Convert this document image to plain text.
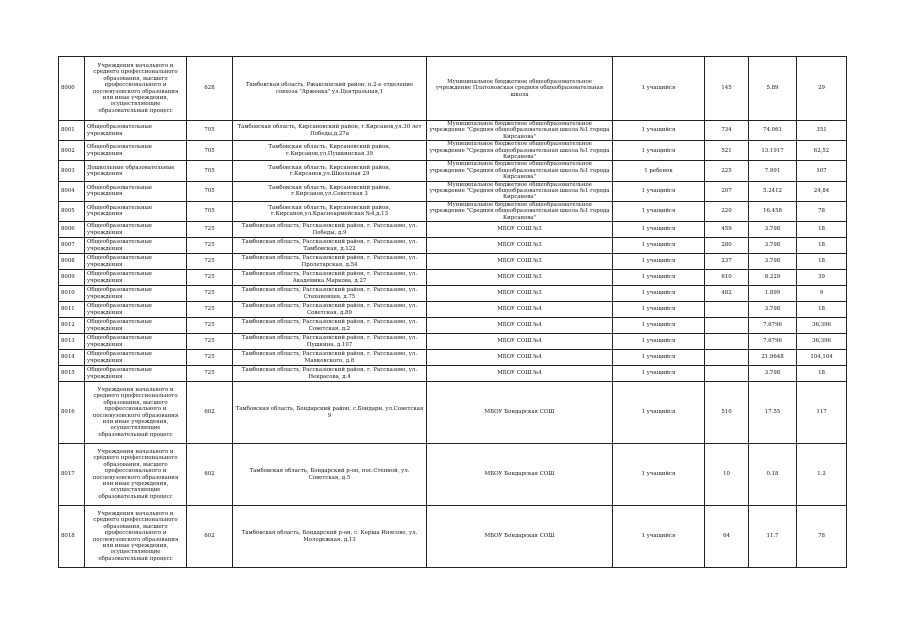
8000	Учреждения начального и среднего профессионального образования, высшего профессионального и послевузовского образования или иные учреждения, осуществляющие образовательный процесс	628	Тамбовская область, Ржаксинский район, п.2-е отделение совхоза "Арженка" ул.Центральная,1	Муниципальное бюджетное общеобразовательное учреждение Платоновская средняя общеобразовательная школа	1 учащийся	145	5.89	29
8001	Общеобразовательные учреждения	705	Тамбовская область, Кирсановский район, г.Кирсанов,ул.30 лет Победы,д.27а	Муниципальное бюджетное общеобразовательное учреждение "Средняя общеобразовательная школа №1 города Кирсанова"	1 учащийся	734	74.061	351
8002	Общеобразовательные учреждения	705	Тамбовская область, Кирсановский район, г.Кирсанов,ул.Пушкинская 39	Муниципальное бюджетное общеобразовательное учреждение "Средняя общеобразовательная школа №1 города Кирсанова"	1 учащийся	521	13.1917	62,52
8003	Дошкольные образовательные учреждения	705	Тамбовская область, Кирсановский район, г.Кирсанов,ул.Школьная 29	Муниципальное бюджетное общеобразовательное учреждение "Средняя общеобразовательная школа №1 города Кирсанова"	1 ребенок	225	7.991	107
8004	Общеобразовательные учреждения	705	Тамбовская область, Кирсановский район, г.Кирсанов,ул.Советская 3	Муниципальное бюджетное общеобразовательное учреждение "Средняя общеобразовательная школа №1 города Кирсанова"	1 учащийся	207	5.2412	24,84
8005	Общеобразовательные учреждения	705	Тамбовская область, Кирсановский район, г.Кирсанов,ул.Красноармейская №4,д.13	Муниципальное бюджетное общеобразовательное учреждение "Средняя общеобразовательная школа №1 города Кирсанова"	1 учащийся	220	16.458	78
8006	Общеобразовательные учреждения	725	Тамбовская область, Рассказовский район, г. Рассказово, ул. Победы, д.9	МБОУ СОШ №3	1 учащийся	459	3.798	18
8007	Общеобразовательные учреждения	725	Тамбовская область, Рассказовский район, г. Рассказово, ул. Тамбовская, д.122	МБОУ СОШ №3	1 учащийся	280	3.798	18
8008	Общеобразовательные учреждения	725	Тамбовская область, Рассказовский район, г. Рассказово, ул. Пролетарская, д.54	МБОУ СОШ №3	1 учащийся	237	3.798	18
8009	Общеобразовательные учреждения	725	Тамбовская область, Рассказовский район, г. Рассказово, ул. Академика Маркова, д.27	МБОУ СОШ №3	1 учащийся	610	8.229	39
8010	Общеобразовательные учреждения	725	Тамбовская область, Рассказовский район, г. Рассказово, ул. Стахановцев, д.75	МБОУ СОШ №3	1 учащийся	482	1.899	9
8011	Общеобразовательные учреждения	725	Тамбовская область, Рассказовский район, г. Рассказово, ул. Советская, д.89	МБОУ СОШ №4	1 учащийся		3.798	18
8012	Общеобразовательные учреждения	725	Тамбовская область, Рассказовский район, г. Рассказово, ул. Советская, д.2	МБОУ СОШ №4	1 учащийся		7.6796	36,396
8013	Общеобразовательные учреждения	725	Тамбовская область, Рассказовский район, г. Рассказово, ул. Пушкина, д.107	МБОУ СОШ №4	1 учащийся		7.6796	36,396
8014	Общеобразовательные учреждения	725	Тамбовская область, Рассказовский район, г. Рассказово, ул. Маяковского, д.8	МБОУ СОШ №4	1 учащийся		21.9648	104,104
8015	Общеобразовательные учреждения	725	Тамбовская область, Рассказовский район, г. Рассказово, ул. Некрасова, д.4	МБОУ СОШ №4	1 учащийся		3.798	18
8016	Учреждения начального и среднего профессионального образования, высшего профессионального и послевузовского образования или иные учреждения, осуществляющие образовательный процесс	602	Тамбовская область, Бондарский район, с.Бондари, ул.Советская 9	МБОУ Бондарская СОШ	1 учащийся	510	17.55	117
8017	Учреждения начального и среднего профессионального образования, высшего профессионального и послевузовского образования или иные учреждения, осуществляющие образовательный процесс	602	Тамбовская область, Бондарский р-он, пос.Степной, ул. Советская, д.5	МБОУ Бондарская СОШ	1 учащийся	10	0.18	1.2
8018	Учреждения начального и среднего профессионального образования, высшего профессионального и послевузовского образования или иные учреждения, осуществляющие образовательный процесс	602	Тамбовская область, Бондарский р-он, с. Керша Инясово, ул. Молодежная, д.13	МБОУ Бондарская СОШ	1 учащийся	64	11.7	78
